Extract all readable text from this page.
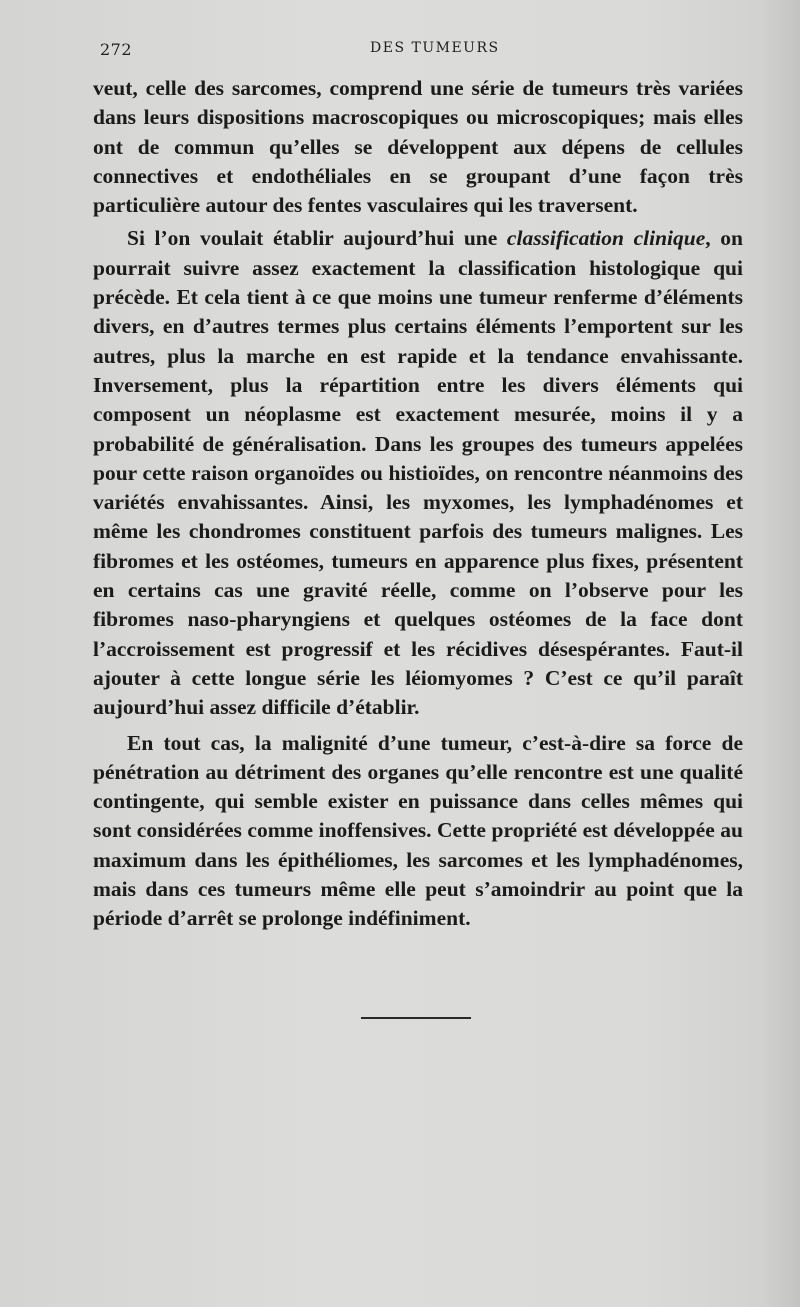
272	DES TUMEURS

veut, celle des sarcomes, comprend une série de tumeurs très variées dans leurs dispositions macroscopiques ou microscopiques; mais elles ont de commun qu’elles se développent aux dépens de cellules connectives et endothéliales en se groupant d’une façon très particulière autour des fentes vasculaires qui les traversent.

Si l’on voulait établir aujourd’hui une classification clinique, on pourrait suivre assez exactement la classification histologique qui précède. Et cela tient à ce que moins une tumeur renferme d’éléments divers, en d’autres termes plus certains éléments l’emportent sur les autres, plus la marche en est rapide et la tendance envahissante. Inversement, plus la répartition entre les divers éléments qui composent un néoplasme est exactement mesurée, moins il y a probabilité de généralisation. Dans les groupes des tumeurs appelées pour cette raison organoïdes ou histioïdes, on rencontre néanmoins des variétés envahissantes. Ainsi, les myxomes, les lymphadénomes et même les chondromes constituent parfois des tumeurs malignes. Les fibromes et les ostéomes, tumeurs en apparence plus fixes, présentent en certains cas une gravité réelle, comme on l’observe pour les fibromes naso-pharyngiens et quelques ostéomes de la face dont l’accroissement est progressif et les récidives désespérantes. Faut-il ajouter à cette longue série les léiomyomes ? C’est ce qu’il paraît aujourd’hui assez difficile d’établir.

En tout cas, la malignité d’une tumeur, c’est-à-dire sa force de pénétration au détriment des organes qu’elle rencontre est une qualité contingente, qui semble exister en puissance dans celles mêmes qui sont considérées comme inoffensives. Cette propriété est développée au maximum dans les épithéliomes, les sarcomes et les lymphadénomes, mais dans ces tumeurs même elle peut s’amoindrir au point que la période d’arrêt se prolonge indéfiniment.
